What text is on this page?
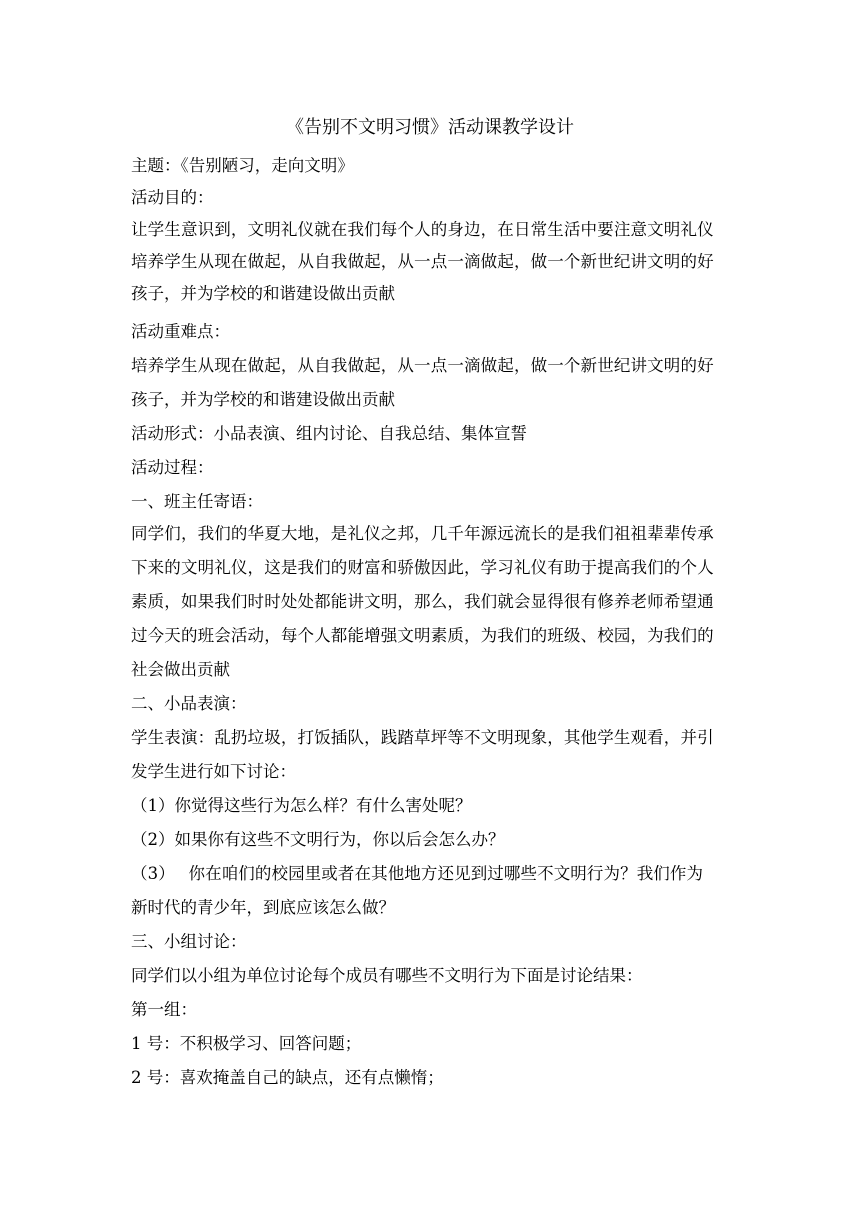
《告别不文明习惯》活动课教学设计
主题：《告别陋习，走向文明》
活动目的：
让学生意识到，文明礼仪就在我们每个人的身边，在日常生活中要注意文明礼仪
培养学生从现在做起，从自我做起，从一点一滴做起，做一个新世纪讲文明的好
孩子，并为学校的和谐建设做出贡献
活动重难点：
培养学生从现在做起，从自我做起，从一点一滴做起，做一个新世纪讲文明的好
孩子，并为学校的和谐建设做出贡献
活动形式：小品表演、组内讨论、自我总结、集体宣誓
活动过程：
一、班主任寄语：
同学们，我们的华夏大地，是礼仪之邦，几千年源远流长的是我们祖祖辈辈传承
下来的文明礼仪，这是我们的财富和骄傲因此，学习礼仪有助于提高我们的个人
素质，如果我们时时处处都能讲文明，那么，我们就会显得很有修养老师希望通
过今天的班会活动，每个人都能增强文明素质，为我们的班级、校园，为我们的
社会做出贡献
二、小品表演：
学生表演：乱扔垃圾，打饭插队，践踏草坪等不文明现象，其他学生观看，并引
发学生进行如下讨论：
（1）你觉得这些行为怎么样？有什么害处呢？
（2）如果你有这些不文明行为，你以后会怎么办？
（3）　 你在咱们的校园里或者在其他地方还见到过哪些不文明行为？我们作为
新时代的青少年，到底应该怎么做？
三、小组讨论：
同学们以小组为单位讨论每个成员有哪些不文明行为下面是讨论结果：
第一组：
1 号：不积极学习、回答问题；
2 号：喜欢掩盖自己的缺点，还有点懒惰；
